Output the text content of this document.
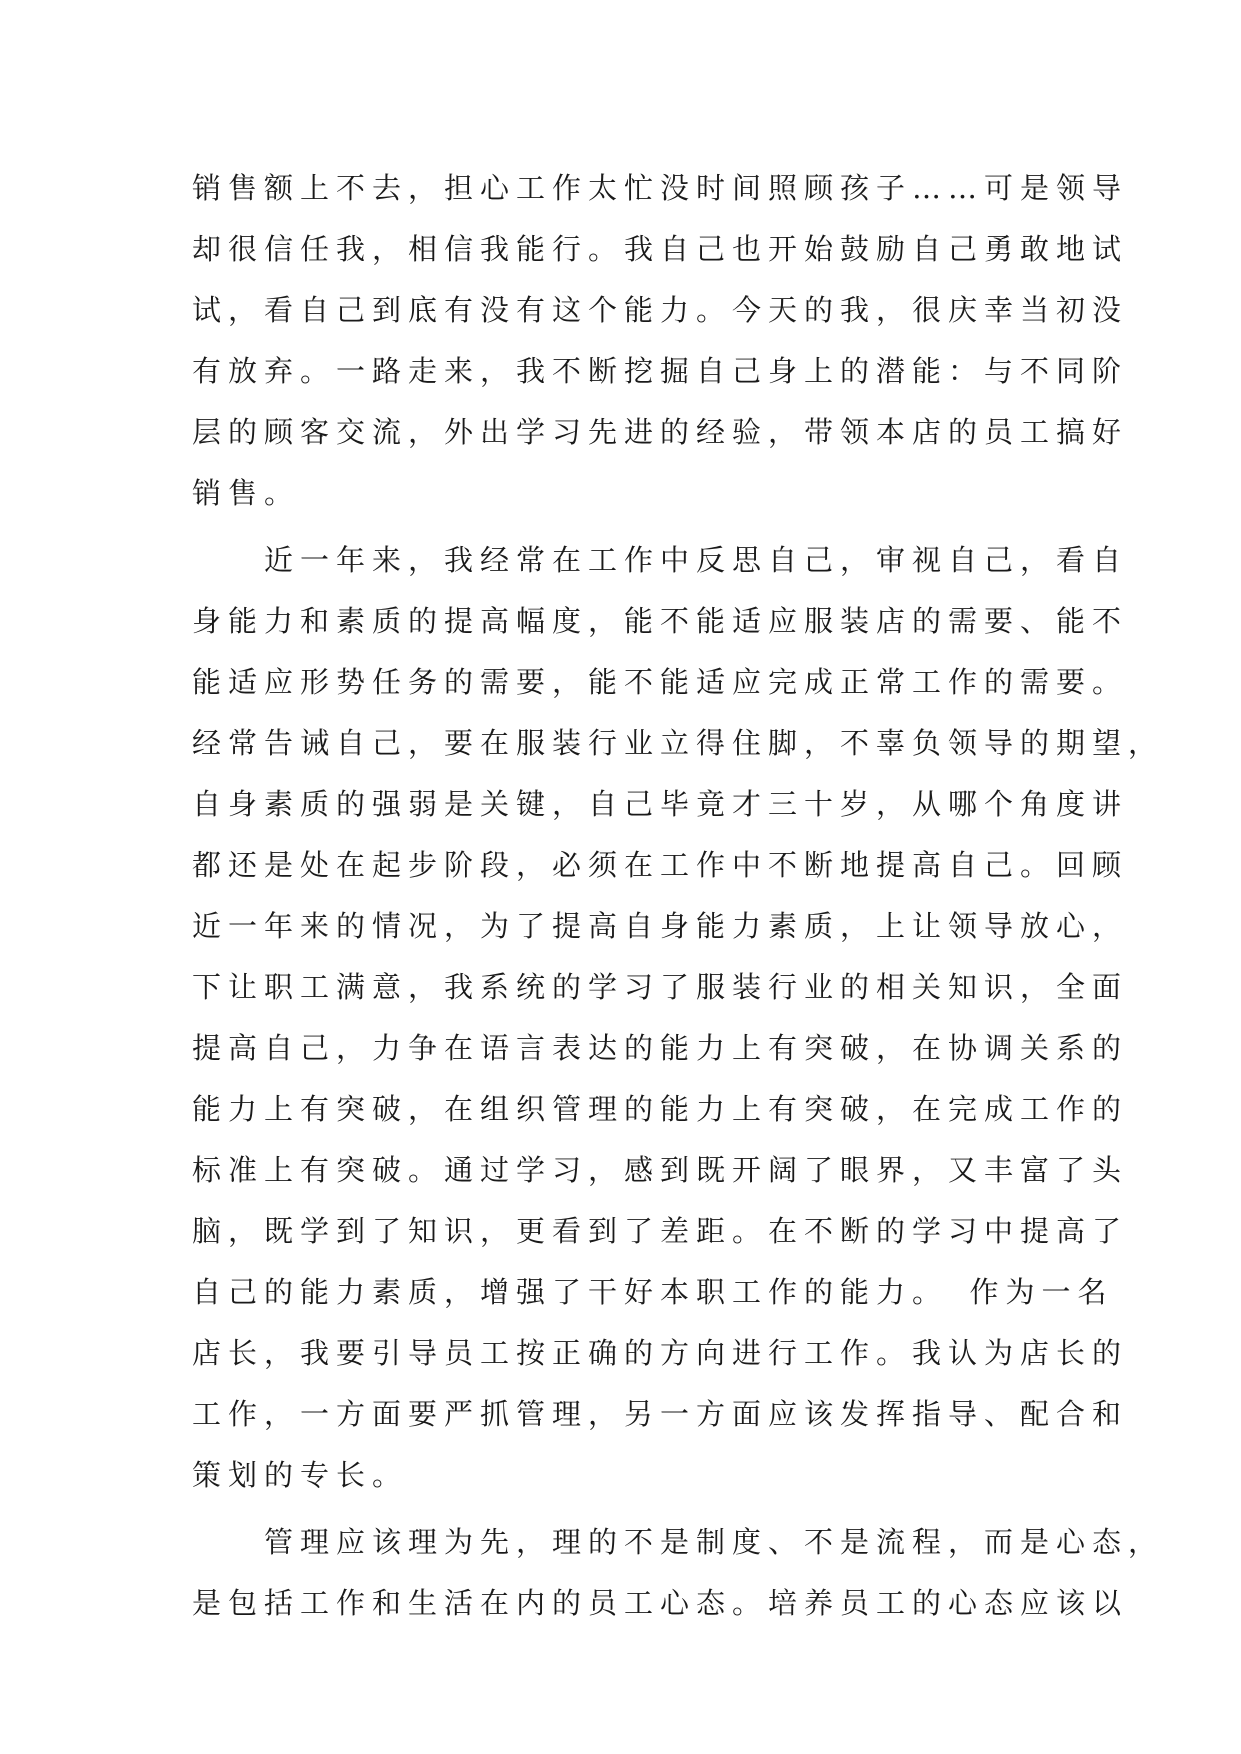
销售额上不去，担心工作太忙没时间照顾孩子……可是领导
却很信任我，相信我能行。我自己也开始鼓励自己勇敢地试
试，看自己到底有没有这个能力。今天的我，很庆幸当初没
有放弃。一路走来，我不断挖掘自己身上的潜能：与不同阶
层的顾客交流，外出学习先进的经验，带领本店的员工搞好
销售。
　　近一年来，我经常在工作中反思自己，审视自己，看自
身能力和素质的提高幅度，能不能适应服装店的需要、能不
能适应形势任务的需要，能不能适应完成正常工作的需要。
经常告诫自己，要在服装行业立得住脚，不辜负领导的期望，
自身素质的强弱是关键，自己毕竟才三十岁，从哪个角度讲
都还是处在起步阶段，必须在工作中不断地提高自己。回顾
近一年来的情况，为了提高自身能力素质，上让领导放心，
下让职工满意，我系统的学习了服装行业的相关知识，全面
提高自己，力争在语言表达的能力上有突破，在协调关系的
能力上有突破，在组织管理的能力上有突破，在完成工作的
标准上有突破。通过学习，感到既开阔了眼界，又丰富了头
脑，既学到了知识，更看到了差距。在不断的学习中提高了
自己的能力素质，增强了干好本职工作的能力。　作为一名
店长，我要引导员工按正确的方向进行工作。我认为店长的
工作，一方面要严抓管理，另一方面应该发挥指导、配合和
策划的专长。
　　管理应该理为先，理的不是制度、不是流程，而是心态，
是包括工作和生活在内的员工心态。培养员工的心态应该以
